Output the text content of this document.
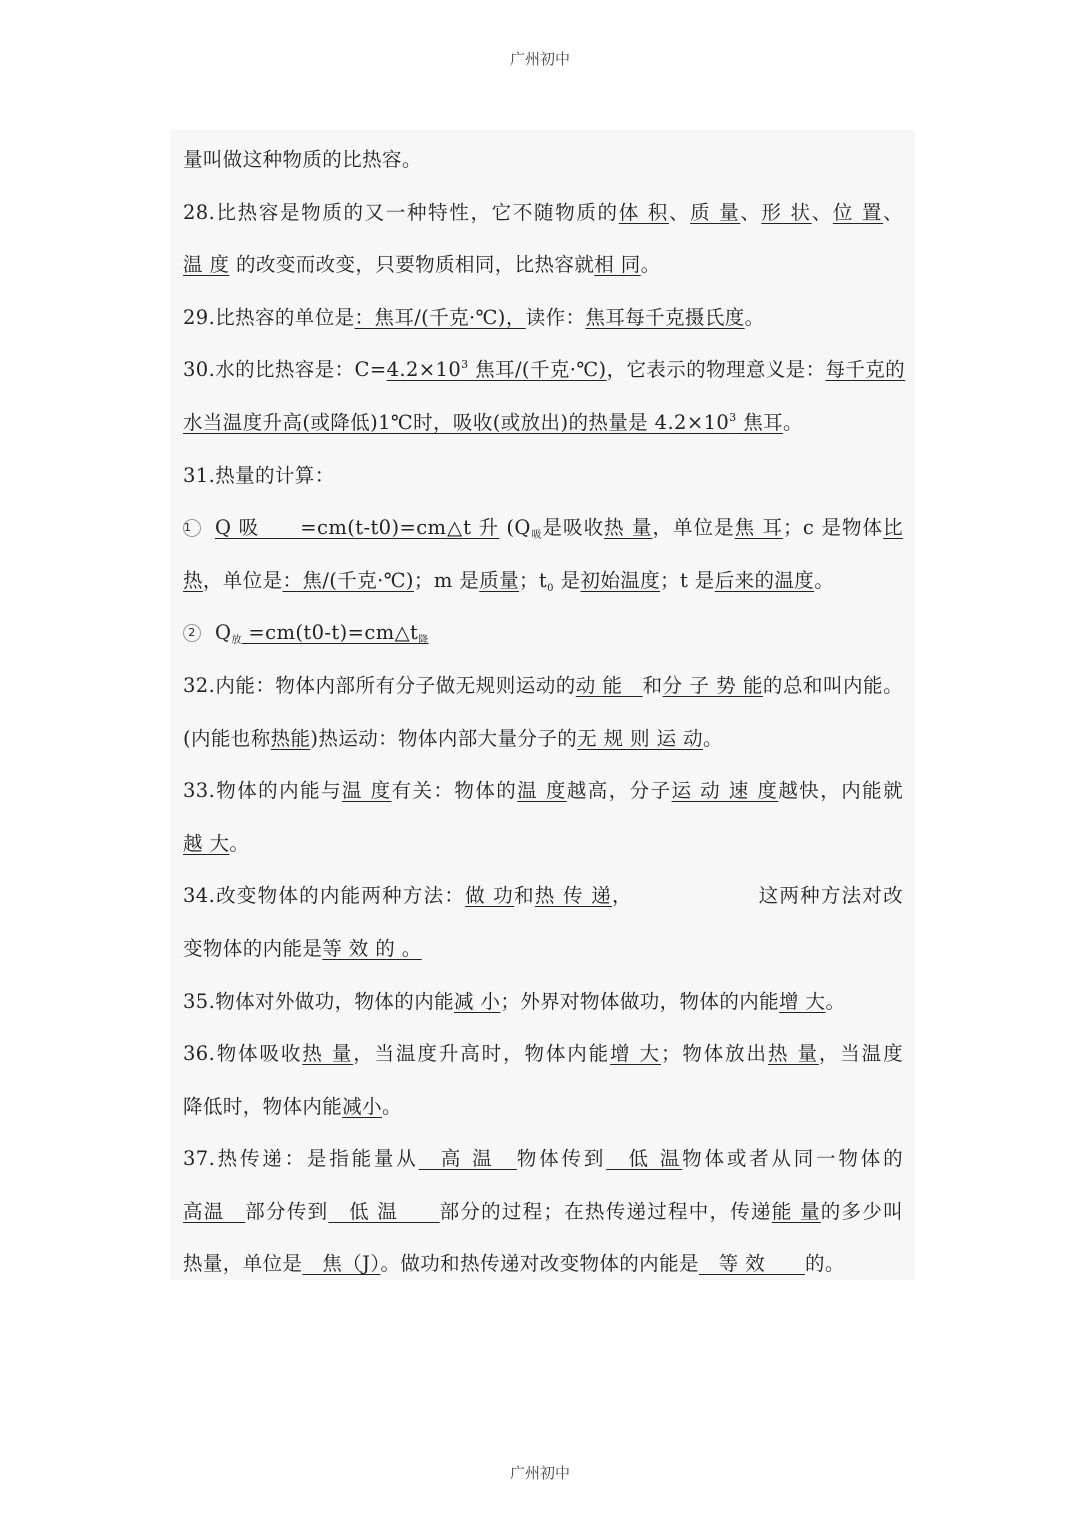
广州初中
量叫做这种物质的比热容。
28.比热容是物质的又一种特性，它不随物质的体 积、质 量、形 状、位 置、
温 度 的改变而改变，只要物质相同，比热容就相 同。
29.比热容的单位是：焦耳/(千克·℃)，读作：焦耳每千克摄氏度。
30.水的比热容是：$C=4.2\times 10^3$ 焦耳/(千克·℃)，它表示的物理意义是：每千克的
水当温度升高(或降低)1℃时，吸收(或放出)的热量是 $4.2\times 10^3$ 焦耳。
31.热量的计算：
1 Q 吸　　=cm(t-t0)=cm△t 升 ($Q_吸$是吸收热 量，单位是焦 耳；c 是物体比
热，单位是：焦/(千克·℃)；m 是质量；$t_0$ 是初始温度；t 是后来的温度。
2 $Q_放$ $=cm(t0-t)=cm\triangle t_降$
32.内能：物体内部所有分子做无规则运动的动 能　和分 子 势 能的总和叫内能。
(内能也称热能)热运动：物体内部大量分子的无 规 则 运 动。
33.物体的内能与温 度有关：物体的温 度越高，分子运 动 速 度越快，内能就
越 大。
34.改变物体的内能两种方法：做 功和热 传 递，	这两种方法对改
变物体的内能是等 效 的 。
35.物体对外做功，物体的内能减 小；外界对物体做功，物体的内能增 大。
36.物体吸收热 量，当温度升高时，物体内能增 大；物体放出热 量，当温度
降低时，物体内能减小。
37.热传递：是指能量从　高 温　物体传到　低 温物体或者从同一物体的
高温　部分传到　低 温　　部分的过程；在热传递过程中，传递能 量的多少叫
热量，单位是　焦（J）。做功和热传递对改变物体的内能是　等 效　　的。
广州初中
